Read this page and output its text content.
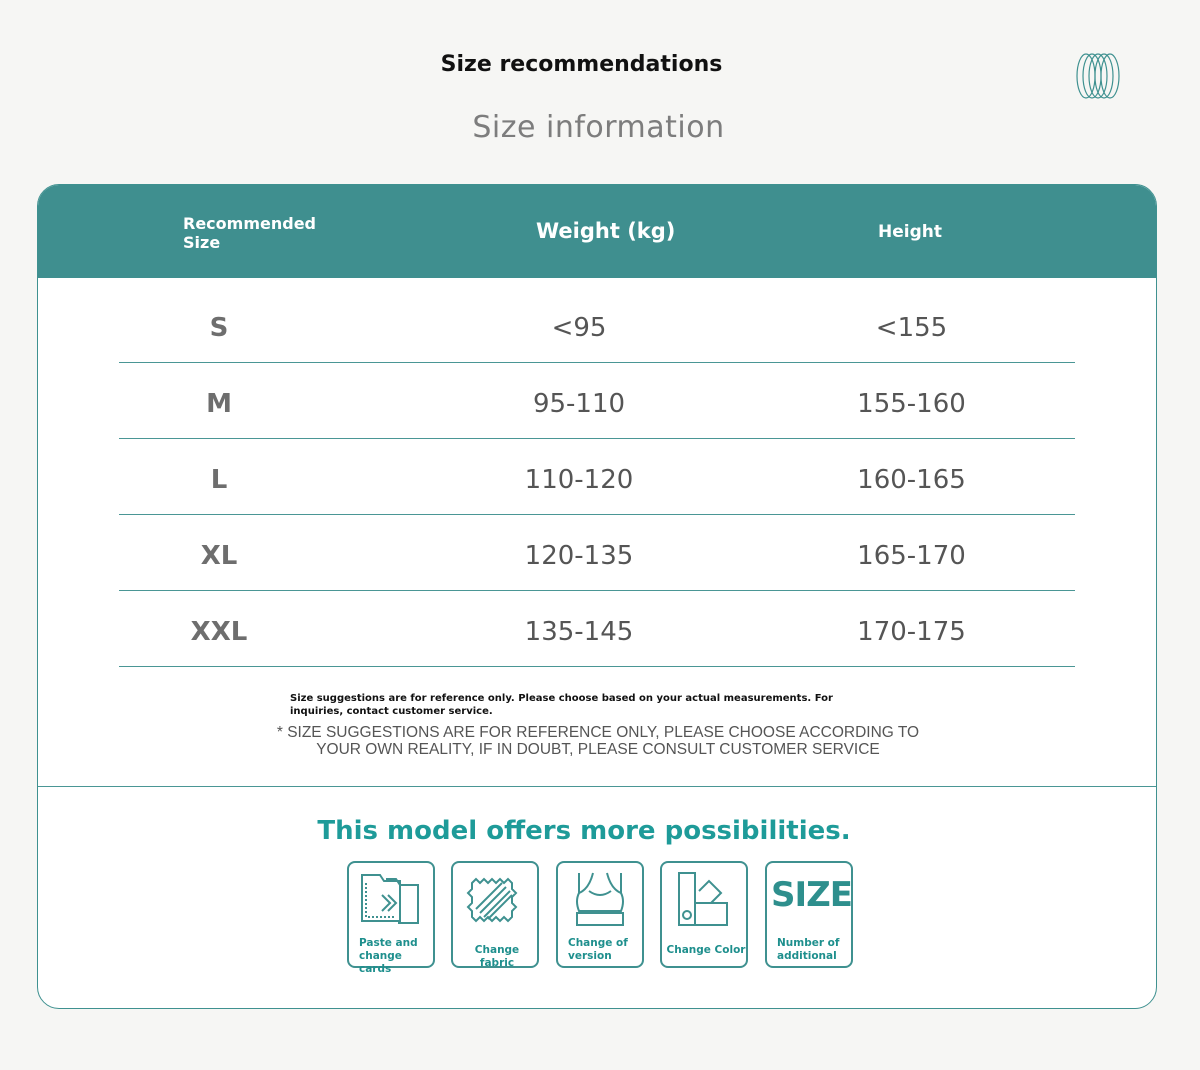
Size recommendations
Size information
Recommended Size	Weight (kg)	Height
S	<95	<155
M	95-110	155-160
L	110-120	160-165
XL	120-135	165-170
XXL	135-145	170-175
Size suggestions are for reference only. Please choose based on your actual measurements. For inquiries, contact customer service.
* SIZE SUGGESTIONS ARE FOR REFERENCE ONLY, PLEASE CHOOSE ACCORDING TO YOUR OWN REALITY, IF IN DOUBT, PLEASE CONSULT CUSTOMER SERVICE
This model offers more possibilities.
Paste and change cards
Change fabric
Change of version	Change Color
SIZE
Number of additional
